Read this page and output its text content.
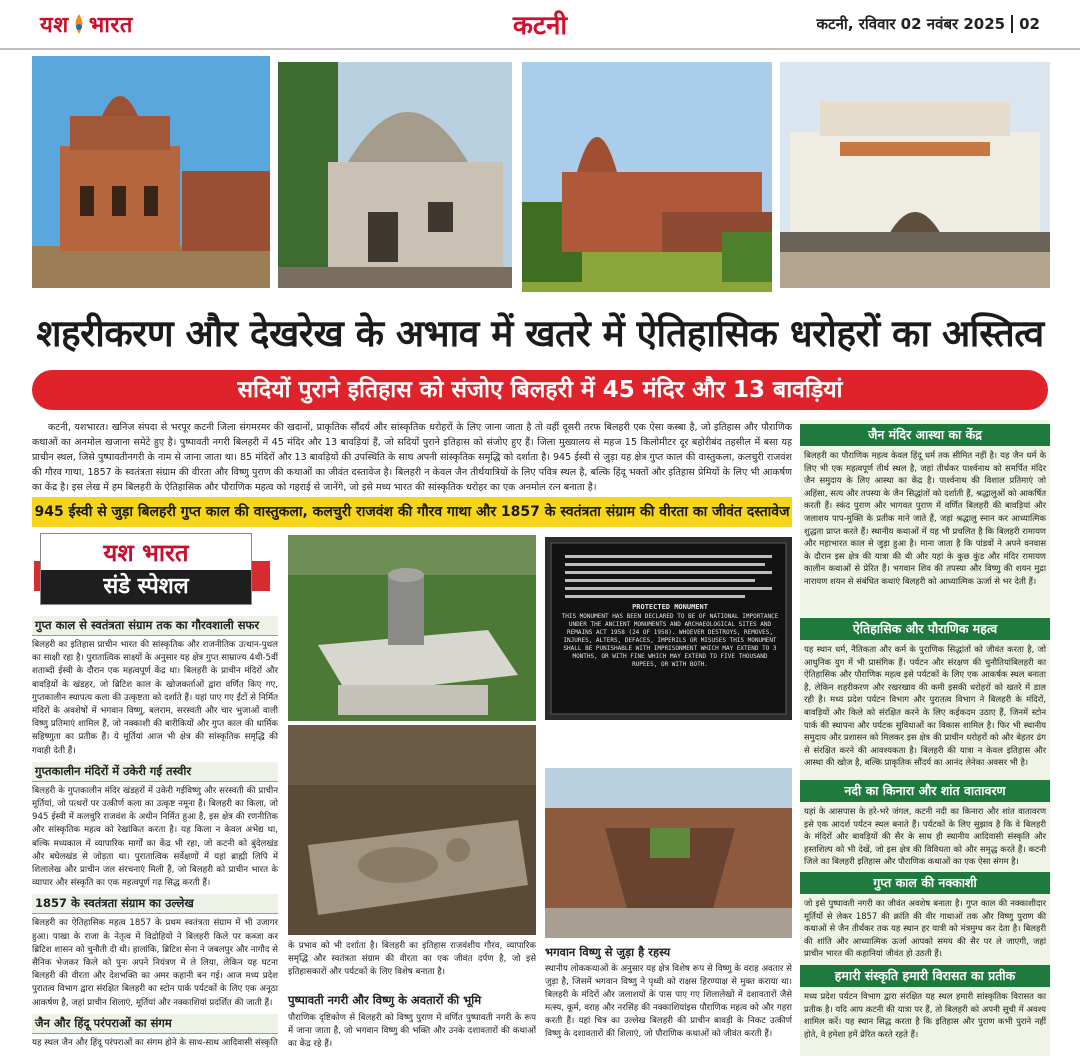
यश भारत	कटनी	कटनी, रविवार 02 नवंबर 2025 02
शहरीकरण और देखरेख के अभाव में खतरे में ऐतिहासिक धरोहरों का अस्तित्व
सदियों पुराने इतिहास को संजोए बिलहरी में 45 मंदिर और 13 बावड़ियां

कटनी, यशभारत। खनिज संपदा से भरपूर कटनी जिला संगमरमर की खदानों, प्राकृतिक सौंदर्य और सांस्कृतिक धरोहरों के लिए जाना जाता है तो वहीं दूसरी तरफ बिलहरी एक ऐसा कस्बा है, जो इतिहास और पौराणिक कथाओं का अनमोल खजाना समेटे हुए है। पुष्पावती नगरी बिलहरी में 45 मंदिर और 13 बावड़ियां हैं, जो सदियों पुराने इतिहास को संजोए हुए हैं। जिला मुख्यालय से महज 15 किलोमीटर दूर बहोरीबंद तहसील में बसा यह प्राचीन स्थल, जिसे पुष्पावतीनगरी के नाम से जाना जाता था। 85 मंदिरों और 13 बावड़ियों की उपस्थिति के साथ अपनी सांस्कृतिक समृद्धि को दर्शाता है। 945 ईस्वी से जुड़ा यह क्षेत्र गुप्त काल की वास्तुकला, कलचुरी राजवंश की गौरव गाथा, 1857 के स्वतंत्रता संग्राम की वीरता और विष्णु पुराण की कथाओं का जीवंत दस्तावेज है। बिलहरी न केवल जैन तीर्थयात्रियों के लिए पवित्र स्थल है, बल्कि हिंदू भक्तों और इतिहास प्रेमियों के लिए भी आकर्षण का केंद्र है। इस लेख में हम बिलहरी के ऐतिहासिक और पौराणिक महत्व को गहराई से जानेंगे, जो इसे मध्य भारत की सांस्कृतिक धरोहर का एक अनमोल रत्न बनाता है।

945 ईस्वी से जुड़ा बिलहरी गुप्त काल की वास्तुकला, कलचुरी राजवंश की गौरव गाथा और 1857 के स्वतंत्रता संग्राम की वीरता का जीवंत दस्तावेज
यश भारत
संडे स्पेशल
गुप्त काल से स्वतंत्रता संग्राम तक का गौरवशाली सफर

बिलहरी का इतिहास प्राचीन भारत की सांस्कृतिक और राजनीतिक उत्थान-पुथल का साक्षी रहा है। पुरातात्विक साक्ष्यों के अनुसार यह क्षेत्र गुप्त साम्राज्य 4थी-5वीं शताब्दी ईस्वी के दौरान एक महत्वपूर्ण केंद्र था। बिलहरी के प्राचीन मंदिरों और बावड़ियों के खंडहर, जो ब्रिटिश काल के खोजकर्ताओं द्वारा वर्णित किए गए, गुप्तकालीन स्थापत्य कला की उत्कृष्टता को दर्शाते हैं। यहां पाए गए ईंटों से निर्मित मंदिरों के अवशेषों में भगवान विष्णु, बलराम, सरस्वती और चार भुजाओं वाली विष्णु प्रतिमाएं शामिल हैं, जो नक्काशी की बारीकियों और गुप्त काल की धार्मिक सहिष्णुता का प्रतीक हैं। ये मूर्तियां आज भी क्षेत्र की सांस्कृतिक समृद्धि की गवाही देती हैं।

गुप्तकालीन मंदिरों में उकेरी गई तस्वीर

बिलहरी के गुप्तकालीन मंदिर खंडहरों में उकेरी गईविष्णु और सरस्वती की प्राचीन मूर्तियां, जो पत्थरों पर उत्कीर्ण कला का उत्कृष्ट नमूना हैं। बिलहरी का किला, जो 945 ईस्वी में कलचुरि राजवंश के अधीन निर्मित हुआ है, इस क्षेत्र की रणनीतिक और सांस्कृतिक महत्व को रेखांकित करता है। यह किला न केवल अभेद्य था, बल्कि मध्यकाल में व्यापारिक मार्गों का केंद्र भी रहा, जो कटनी को बुंदेलखंड और बघेलखंड से जोड़ता था। पुरातात्विक सर्वेक्षणों में यहां ब्राह्मी लिपि में शिलालेख और प्राचीन जल संरचनाएं मिली हैं, जो बिलहरी को प्राचीन भारत के व्यापार और संस्कृति का एक महत्वपूर्ण गढ़ सिद्ध करती हैं।

1857 के स्वतंत्रता संग्राम का उल्लेख

बिलहरी का ऐतिहासिक महत्व 1857 के प्रथम स्वतंत्रता संग्राम में भी उजागर हुआ। पाखा के राजा के नेतृत्व में विद्रोहियों ने बिलहरी किले पर कब्जा कर ब्रिटिश शासन को चुनौती दी थी। हालांकि, ब्रिटिश सेना ने जबलपुर और नागौद से सैनिक भेजकर किले को पुनः अपने नियंत्रण में ले लिया, लेकिन यह घटना बिलहरी की वीरता और देशभक्ति का अमर कहानी बन गई। आज मध्य प्रदेश पुरातत्व विभाग द्वारा संरक्षित बिलहरी का स्टोन पार्क पर्यटकों के लिए एक अनूठा आकर्षण है, जहां प्राचीन शिलाएं, मूर्तियां और नक्काशियां प्रदर्शित की जाती हैं।

जैन और हिंदू परंपराओं का संगम

यह स्थल जैन और हिंदू परंपराओं का संगम होने के साथ-साथ आदिवासी संस्कृति

PROTECTED MONUMENT
THIS MONUMENT HAS BEEN DECLARED TO BE OF NATIONAL IMPORTANCE UNDER THE ANCIENT MONUMENTS AND ARCHAEOLOGICAL SITES AND REMAINS ACT 1958 (24 OF 1958). WHOEVER DESTROYS, REMOVES, INJURES, ALTERS, DEFACES, IMPERILS OR MISUSES THIS MONUMENT SHALL BE PUNISHABLE WITH IMPRISONMENT WHICH MAY EXTEND TO 3 MONTHS, OR WITH FINE WHICH MAY EXTEND TO FIVE THOUSAND RUPEES, OR WITH BOTH.
के प्रभाव को भी दर्शाता है। बिलहरी का इतिहास राजवंशीय गौरव, व्यापारिक समृद्धि और स्वतंत्रता संग्राम की वीरता का एक जीवंत दर्पण है, जो इसे इतिहासकारों और पर्यटकों के लिए विशेष बनाता है।
पुष्पावती नगरी और विष्णु के अवतारों की भूमि
पौराणिक दृष्टिकोण से बिलहरी को विष्णु पुराण में वर्णित पुष्पावती नगरी के रूप में जाना जाता है, जो भगवान विष्णु की भक्ति और उनके दशावतारों की कथाओं का केंद्र रहे हैं।
भगवान विष्णु से जुड़ा है रहस्य
स्थानीय लोककथाओं के अनुसार यह क्षेत्र विशेष रूप से विष्णु के वराह अवतार से जुड़ा है, जिसमें भगवान विष्णु ने पृथ्वी को राक्षस हिरण्याक्ष से मुक्त कराया था। बिलहरी के मंदिरों और जलाशयों के पास पाए गए शिलालेखों में दशावतारों जैसे मत्स्य, कूर्म, वराह और नरसिंह की नक्काशियांइस पौराणिक महत्व को और गहरा करती हैं। यहां चित्र का उल्लेख बिलहरी की प्राचीन बावड़ी के निकट उत्कीर्ण विष्णु के दशावतारों की शिलाएं, जो पौराणिक कथाओं को जीवंत करती हैं।
जैन मंदिर आस्था का केंद्र
बिलहरी का पौराणिक महत्व केवल हिंदू धर्म तक सीमित नहीं है। यह जैन धर्म के लिए भी एक महत्वपूर्ण तीर्थ स्थल है, जहां तीर्थंकर पार्श्वनाथ को समर्पित मंदिर जैन समुदाय के लिए आस्था का केंद्र है। पार्श्वनाथ की विशाल प्रतिमाएं जो अहिंसा, सत्य और तपस्या के जैन सिद्धांतों को दर्शाती हैं, श्रद्धालुओं को आकर्षित करती हैं। स्कंद पुराण और भागवत पुराण में वर्णित बिलहरी की बावड़ियां और जलाशय पाप-मुक्ति के प्रतीक माने जाते हैं, जहां श्रद्धालु स्नान कर आध्यात्मिक शुद्धता प्राप्त करते हैं। स्थानीय कथाओं में यह भी प्रचलित है कि बिलहरी रामायण और महाभारत काल से जुड़ा हुआ है। माना जाता है कि पांडवों ने अपने वनवास के दौरान इस क्षेत्र की यात्रा की थी और यहां के कुछ कुंड और मंदिर रामायण कालीन कथाओं से प्रेरित हैं। भगवान शिव की तपस्या और विष्णु की शयन मुद्रा नारायण शयन से संबंधित कथाएं बिलहरी को आध्यात्मिक ऊर्जा से भर देती हैं।
ऐतिहासिक और पौराणिक महत्व
यह स्थान धर्म, नैतिकता और कर्म के पुराणिक सिद्धांतों को जीवंत करता है, जो आधुनिक युग में भी प्रासंगिक हैं। पर्यटन और संरक्षण की चुनौतियांबिलहरी का ऐतिहासिक और पौराणिक महत्व इसे पर्यटकों के लिए एक आकर्षक स्थल बनाता है, लेकिन शहरीकरण और रखरखाव की कमी इसकी धरोहरों को खतरे में डाल रही है। मध्य प्रदेश पर्यटन विभाग और पुरातत्व विभाग ने बिलहरी के मंदिरों, बावड़ियों और किले को संरक्षित करने के लिए कईकदम उठाए हैं, जिनमें स्टोन पार्क की स्थापना और पर्यटक सुविधाओं का विकास शामिल है। फिर भी स्थानीय समुदाय और प्रशासन को मिलकर इस क्षेत्र की प्राचीन धरोहरों को और बेहतर ढंग से संरक्षित करने की आवश्यकता है। बिलहरी की यात्रा न केवल इतिहास और आस्था की खोज है, बल्कि प्राकृतिक सौंदर्य का आनंद लेनेका अवसर भी है।
नदी का किनारा और शांत वातावरण
यहां के आसपास के हरे-भरे जंगल, कटनी नदी का किनारा और शांत वातावरण इसे एक आदर्श पर्यटन स्थल बनाते हैं। पर्यटकों के लिए सुझाव है कि वे बिलहरी के मंदिरों और बावड़ियों की सैर के साथ ही स्थानीय आदिवासी संस्कृति और हस्तशिल्प को भी देखें, जो इस क्षेत्र की विविधता को और समृद्ध करते हैं। कटनी जिले का बिलहरी इतिहास और पौराणिक कथाओं का एक ऐसा संगम है।
गुप्त काल की नक्काशी
जो इसे पुष्पावती नगरी का जीवंत अवशेष बनाता है। गुप्त काल की नक्काशीदार मूर्तियों से लेकर 1857 की क्रांति की वीर गाथाओं तक और विष्णु पुराण की कथाओं से जैन तीर्थंकर तक यह स्थान हर यात्री को मंत्रमुग्ध कर देता है। बिलहरी की शांति और आध्यात्मिक ऊर्जा आपको समय की सैर पर ले जाएगी, जहां प्राचीन भारत की कहानियां जीवंत हो उठती हैं।
हमारी संस्कृति हमारी विरासत का प्रतीक
मध्य प्रदेश पर्यटन विभाग द्वारा संरक्षित यह स्थल हमारी सांस्कृतिक विरासत का प्रतीक है। यदि आप कटनी की यात्रा पर हैं, तो बिलहरी को अपनी सूची में अवश्य शामिल करें। यह स्थान सिद्ध करता है कि इतिहास और पुराण कभी पुराने नहीं होते, वे हमेशा हमें प्रेरित करते रहते हैं।
